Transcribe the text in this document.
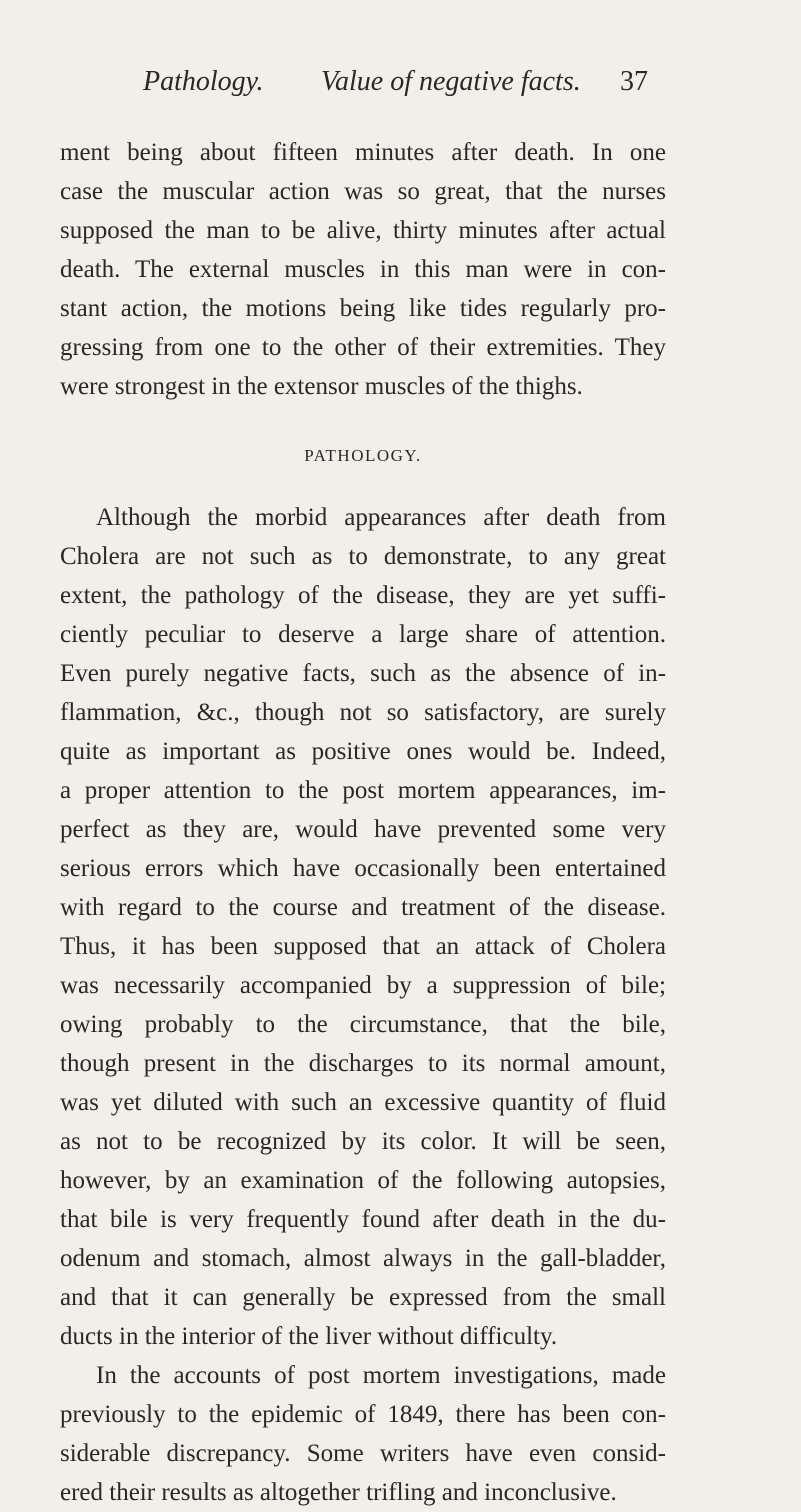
Pathology. Value of negative facts. 37
ment being about fifteen minutes after death. In one
case the muscular action was so great, that the nurses
supposed the man to be alive, thirty minutes after actual
death. The external muscles in this man were in con-
stant action, the motions being like tides regularly pro-
gressing from one to the other of their extremities. They
were strongest in the extensor muscles of the thighs.
PATHOLOGY.
Although the morbid appearances after death from
Cholera are not such as to demonstrate, to any great
extent, the pathology of the disease, they are yet suffi-
ciently peculiar to deserve a large share of attention.
Even purely negative facts, such as the absence of in-
flammation, &c., though not so satisfactory, are surely
quite as important as positive ones would be. Indeed,
a proper attention to the post mortem appearances, im-
perfect as they are, would have prevented some very
serious errors which have occasionally been entertained
with regard to the course and treatment of the disease.
Thus, it has been supposed that an attack of Cholera
was necessarily accompanied by a suppression of bile;
owing probably to the circumstance, that the bile,
though present in the discharges to its normal amount,
was yet diluted with such an excessive quantity of fluid
as not to be recognized by its color. It will be seen,
however, by an examination of the following autopsies,
that bile is very frequently found after death in the du-
odenum and stomach, almost always in the gall-bladder,
and that it can generally be expressed from the small
ducts in the interior of the liver without difficulty.
In the accounts of post mortem investigations, made
previously to the epidemic of 1849, there has been con-
siderable discrepancy. Some writers have even consid-
ered their results as altogether trifling and inconclusive.
